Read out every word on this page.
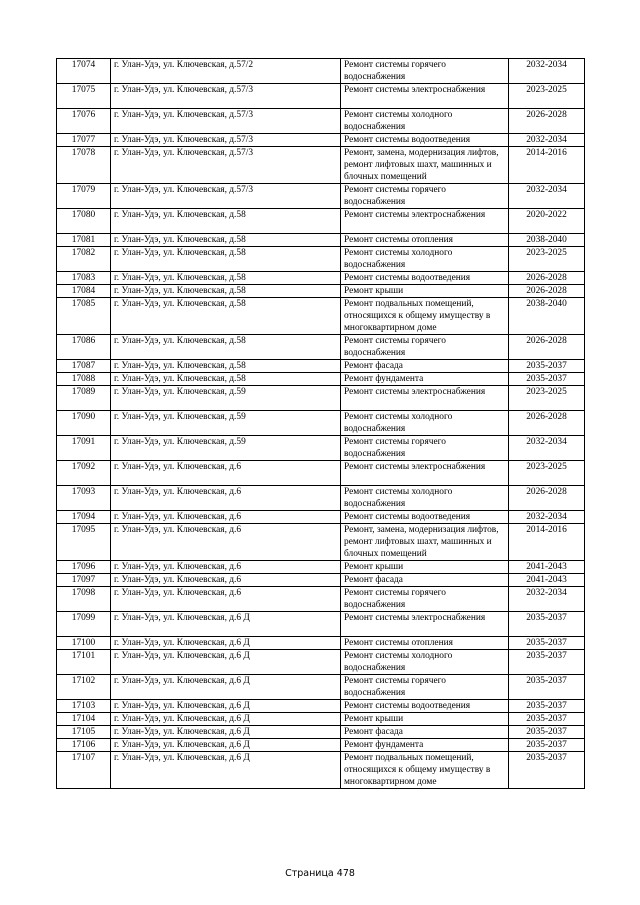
17074	г. Улан-Удэ, ул. Ключевская, д.57/2	Ремонт системы горячего водоснабжения	2032-2034
17075	г. Улан-Удэ, ул. Ключевская, д.57/3	Ремонт системы электроснабжения	2023-2025
17076	г. Улан-Удэ, ул. Ключевская, д.57/3	Ремонт системы холодного водоснабжения	2026-2028
17077	г. Улан-Удэ, ул. Ключевская, д.57/3	Ремонт системы водоотведения	2032-2034
17078	г. Улан-Удэ, ул. Ключевская, д.57/3	Ремонт, замена, модернизация лифтов, ремонт лифтовых шахт, машинных и блочных помещений	2014-2016
17079	г. Улан-Удэ, ул. Ключевская, д.57/3	Ремонт системы горячего водоснабжения	2032-2034
17080	г. Улан-Удэ, ул. Ключевская, д.58	Ремонт системы электроснабжения	2020-2022
17081	г. Улан-Удэ, ул. Ключевская, д.58	Ремонт системы отопления	2038-2040
17082	г. Улан-Удэ, ул. Ключевская, д.58	Ремонт системы холодного водоснабжения	2023-2025
17083	г. Улан-Удэ, ул. Ключевская, д.58	Ремонт системы водоотведения	2026-2028
17084	г. Улан-Удэ, ул. Ключевская, д.58	Ремонт крыши	2026-2028
17085	г. Улан-Удэ, ул. Ключевская, д.58	Ремонт подвальных помещений, относящихся к общему имуществу в многоквартирном доме	2038-2040
17086	г. Улан-Удэ, ул. Ключевская, д.58	Ремонт системы горячего водоснабжения	2026-2028
17087	г. Улан-Удэ, ул. Ключевская, д.58	Ремонт фасада	2035-2037
17088	г. Улан-Удэ, ул. Ключевская, д.58	Ремонт фундамента	2035-2037
17089	г. Улан-Удэ, ул. Ключевская, д.59	Ремонт системы электроснабжения	2023-2025
17090	г. Улан-Удэ, ул. Ключевская, д.59	Ремонт системы холодного водоснабжения	2026-2028
17091	г. Улан-Удэ, ул. Ключевская, д.59	Ремонт системы горячего водоснабжения	2032-2034
17092	г. Улан-Удэ, ул. Ключевская, д.6	Ремонт системы электроснабжения	2023-2025
17093	г. Улан-Удэ, ул. Ключевская, д.6	Ремонт системы холодного водоснабжения	2026-2028
17094	г. Улан-Удэ, ул. Ключевская, д.6	Ремонт системы водоотведения	2032-2034
17095	г. Улан-Удэ, ул. Ключевская, д.6	Ремонт, замена, модернизация лифтов, ремонт лифтовых шахт, машинных и блочных помещений	2014-2016
17096	г. Улан-Удэ, ул. Ключевская, д.6	Ремонт крыши	2041-2043
17097	г. Улан-Удэ, ул. Ключевская, д.6	Ремонт фасада	2041-2043
17098	г. Улан-Удэ, ул. Ключевская, д.6	Ремонт системы горячего водоснабжения	2032-2034
17099	г. Улан-Удэ, ул. Ключевская, д.6 Д	Ремонт системы электроснабжения	2035-2037
17100	г. Улан-Удэ, ул. Ключевская, д.6 Д	Ремонт системы отопления	2035-2037
17101	г. Улан-Удэ, ул. Ключевская, д.6 Д	Ремонт системы холодного водоснабжения	2035-2037
17102	г. Улан-Удэ, ул. Ключевская, д.6 Д	Ремонт системы горячего водоснабжения	2035-2037
17103	г. Улан-Удэ, ул. Ключевская, д.6 Д	Ремонт системы водоотведения	2035-2037
17104	г. Улан-Удэ, ул. Ключевская, д.6 Д	Ремонт крыши	2035-2037
17105	г. Улан-Удэ, ул. Ключевская, д.6 Д	Ремонт фасада	2035-2037
17106	г. Улан-Удэ, ул. Ключевская, д.6 Д	Ремонт фундамента	2035-2037
17107	г. Улан-Удэ, ул. Ключевская, д.6 Д	Ремонт подвальных помещений, относящихся к общему имуществу в многоквартирном доме	2035-2037
Страница 478
